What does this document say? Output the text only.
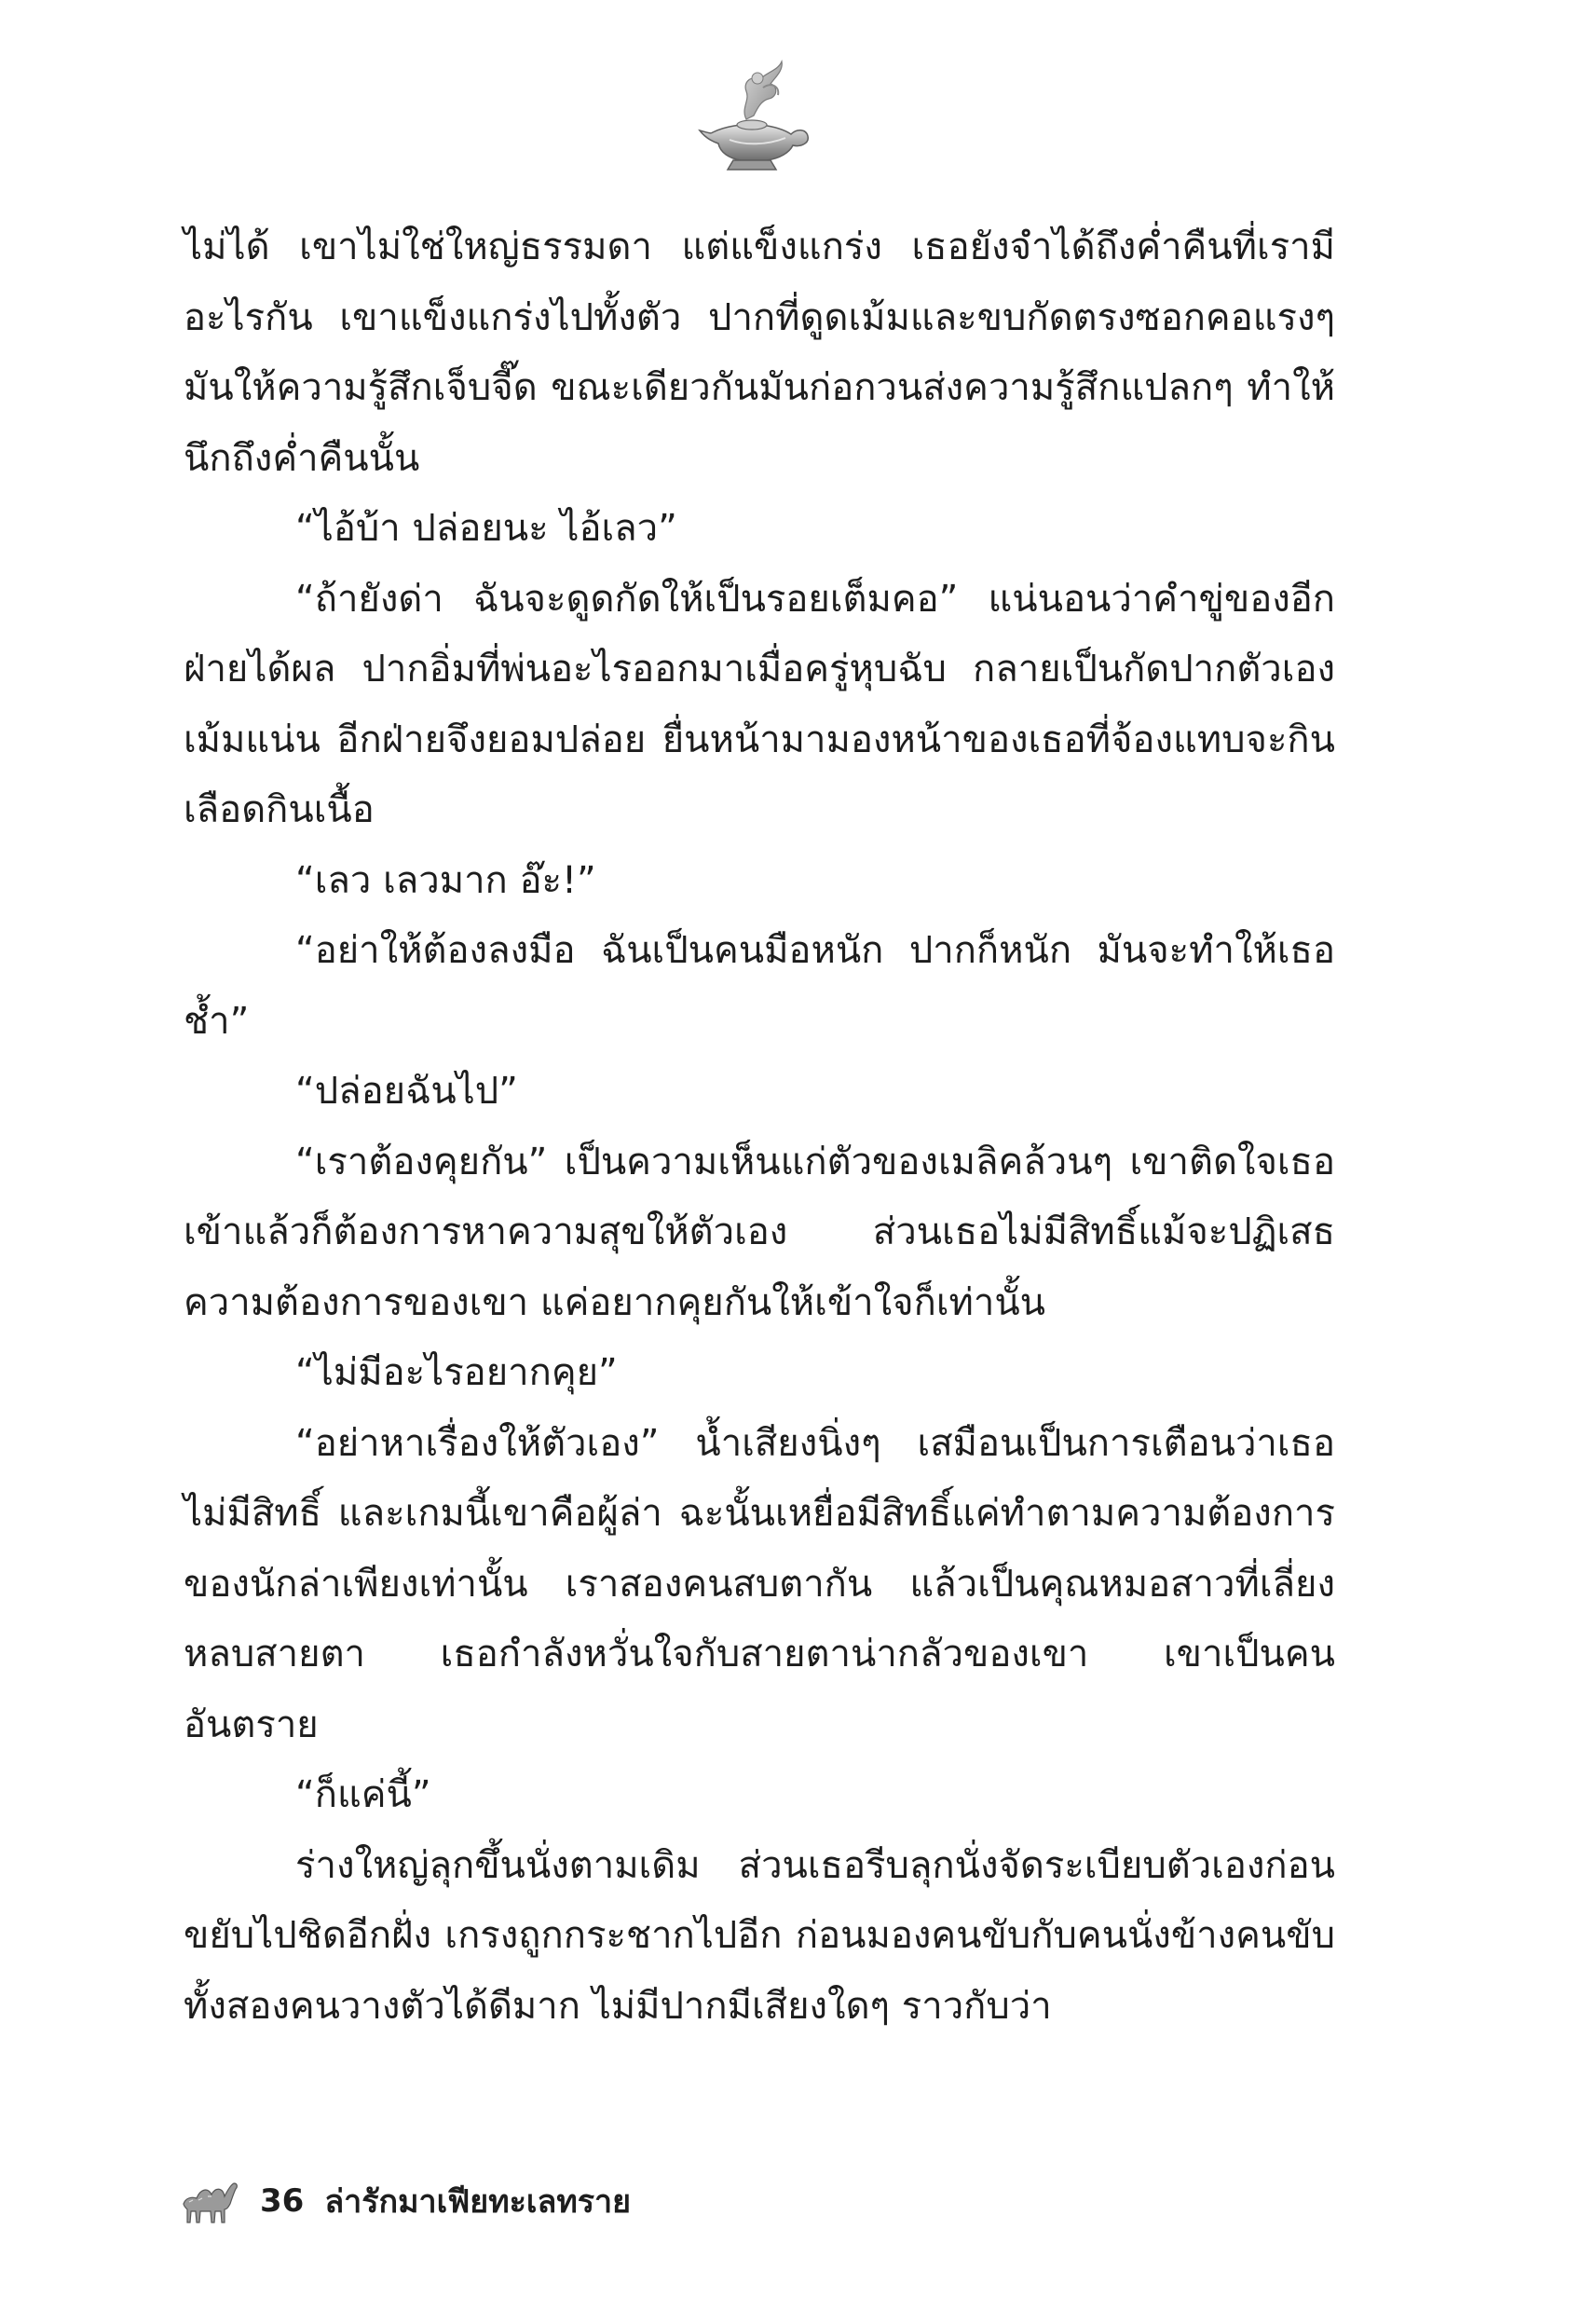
ไม่ได้ เขาไม่ใช่ใหญ่ธรรมดา แต่แข็งแกร่ง เธอยังจำได้ถึงค่ำคืนที่เรามีอะไรกัน เขาแข็งแกร่งไปทั้งตัว ปากที่ดูดเม้มและขบกัดตรงซอกคอแรงๆ มันให้ความรู้สึกเจ็บจี๊ด ขณะเดียวกันมันก่อกวนส่งความรู้สึกแปลกๆ ทำให้นึกถึงค่ำคืนนั้น

“ไอ้บ้า ปล่อยนะ ไอ้เลว”

“ถ้ายังด่า ฉันจะดูดกัดให้เป็นรอยเต็มคอ” แน่นอนว่าคำขู่ของอีกฝ่ายได้ผล ปากอิ่มที่พ่นอะไรออกมาเมื่อครู่หุบฉับ กลายเป็นกัดปากตัวเองเม้มแน่น อีกฝ่ายจึงยอมปล่อย ยื่นหน้ามามองหน้าของเธอที่จ้องแทบจะกินเลือดกินเนื้อ

“เลว เลวมาก อ๊ะ!”

“อย่าให้ต้องลงมือ ฉันเป็นคนมือหนัก ปากก็หนัก มันจะทำให้เธอช้ำ”

“ปล่อยฉันไป”

“เราต้องคุยกัน” เป็นความเห็นแก่ตัวของเมลิคล้วนๆ เขาติดใจเธอเข้าแล้วก็ต้องการหาความสุขให้ตัวเอง ส่วนเธอไม่มีสิทธิ์แม้จะปฏิเสธความต้องการของเขา แค่อยากคุยกันให้เข้าใจก็เท่านั้น

“ไม่มีอะไรอยากคุย”

“อย่าหาเรื่องให้ตัวเอง” น้ำเสียงนิ่งๆ เสมือนเป็นการเตือนว่าเธอไม่มีสิทธิ์ และเกมนี้เขาคือผู้ล่า ฉะนั้นเหยื่อมีสิทธิ์แค่ทำตามความต้องการของนักล่าเพียงเท่านั้น เราสองคนสบตากัน แล้วเป็นคุณหมอสาวที่เลี่ยงหลบสายตา เธอกำลังหวั่นใจกับสายตาน่ากลัวของเขา เขาเป็นคนอันตราย

“ก็แค่นี้”

ร่างใหญ่ลุกขึ้นนั่งตามเดิม ส่วนเธอรีบลุกนั่งจัดระเบียบตัวเองก่อนขยับไปชิดอีกฝั่ง เกรงถูกกระชากไปอีก ก่อนมองคนขับกับคนนั่งข้างคนขับ ทั้งสองคนวางตัวได้ดีมาก ไม่มีปากมีเสียงใดๆ ราวกับว่า

36 ล่ารักมาเฟียทะเลทราย
